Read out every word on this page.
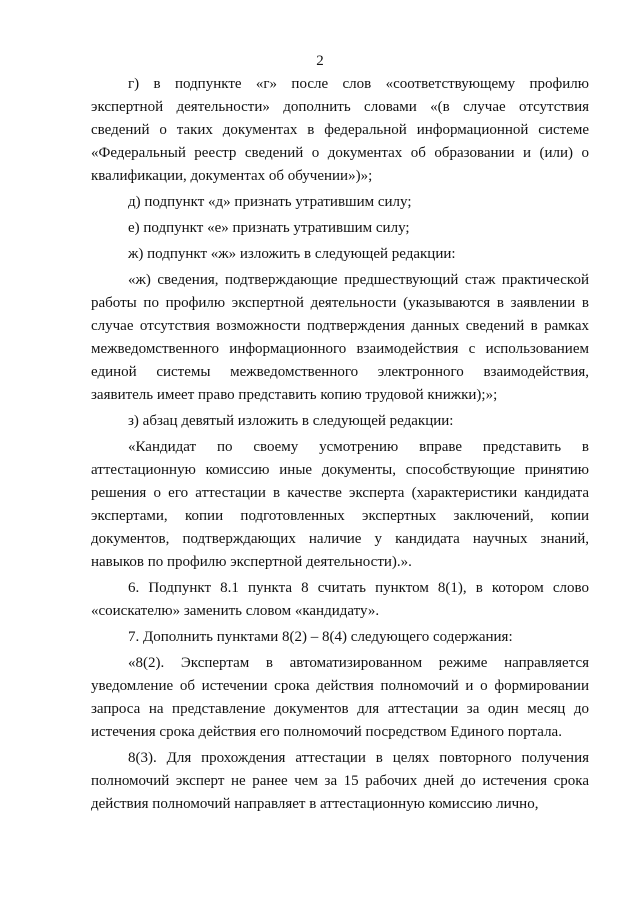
2

г) в подпункте «г» после слов «соответствующему профилю экспертной деятельности» дополнить словами «(в случае отсутствия сведений о таких документах в федеральной информационной системе «Федеральный реестр сведений о документах об образовании и (или) о квалификации, документах об обучении»)»;

д) подпункт «д» признать утратившим силу;

е) подпункт «е» признать утратившим силу;

ж) подпункт «ж» изложить в следующей редакции:

«ж) сведения, подтверждающие предшествующий стаж практической работы по профилю экспертной деятельности (указываются в заявлении в случае отсутствия возможности подтверждения данных сведений в рамках межведомственного информационного взаимодействия с использованием единой системы межведомственного электронного взаимодействия, заявитель имеет право представить копию трудовой книжки);»;

з) абзац девятый изложить в следующей редакции:

«Кандидат по своему усмотрению вправе представить в аттестационную комиссию иные документы, способствующие принятию решения о его аттестации в качестве эксперта (характеристики кандидата экспертами, копии подготовленных экспертных заключений, копии документов, подтверждающих наличие у кандидата научных знаний, навыков по профилю экспертной деятельности).».

6. Подпункт 8.1 пункта 8 считать пунктом 8(1), в котором слово «соискателю» заменить словом «кандидату».

7. Дополнить пунктами 8(2) – 8(4) следующего содержания:

«8(2). Экспертам в автоматизированном режиме направляется уведомление об истечении срока действия полномочий и о формировании запроса на представление документов для аттестации за один месяц до истечения срока действия его полномочий посредством Единого портала.

8(3). Для прохождения аттестации в целях повторного получения полномочий эксперт не ранее чем за 15 рабочих дней до истечения срока действия полномочий направляет в аттестационную комиссию лично,
